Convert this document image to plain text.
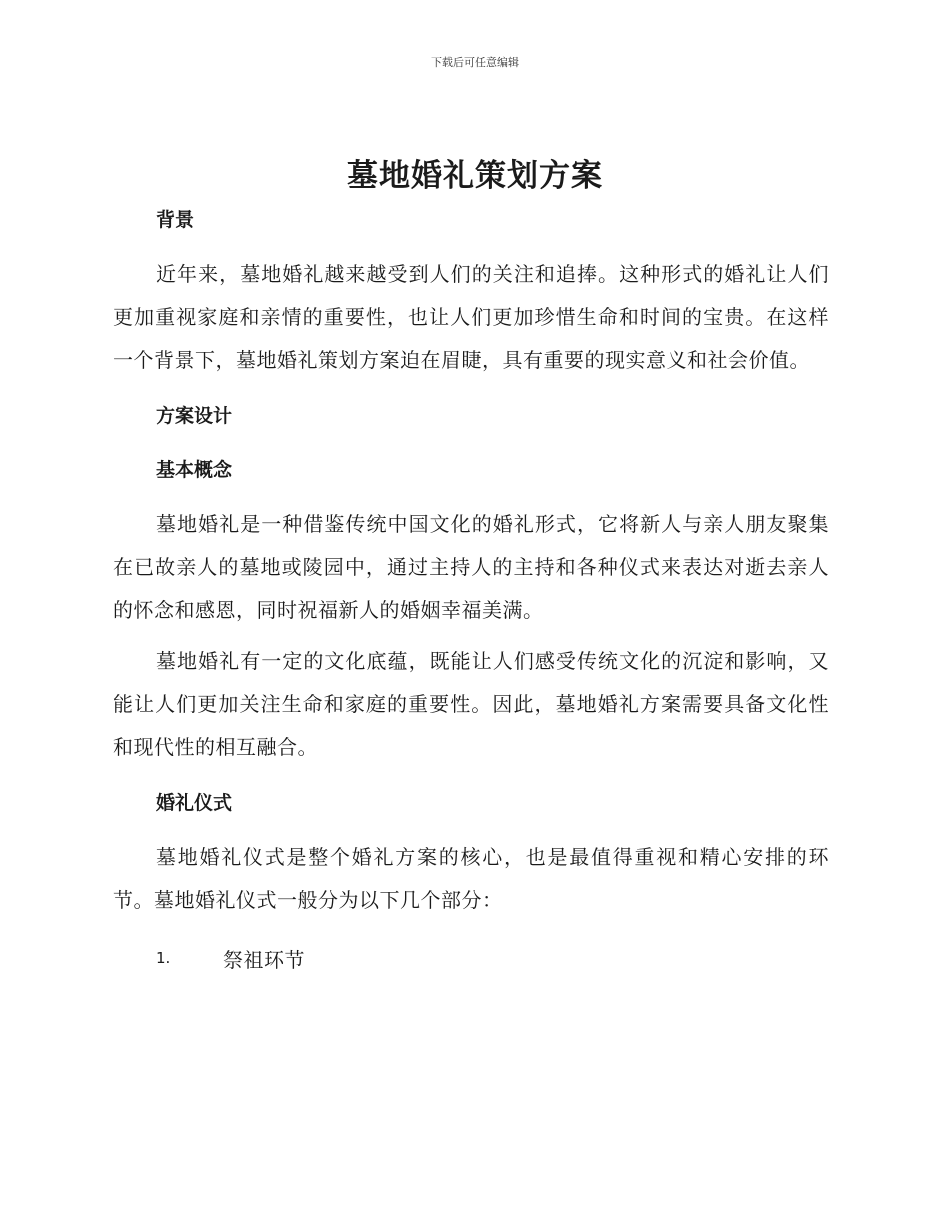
下载后可任意编辑
墓地婚礼策划方案
背景

近年来，墓地婚礼越来越受到人们的关注和追捧。这种形式的婚礼让人们更加重视家庭和亲情的重要性，也让人们更加珍惜生命和时间的宝贵。在这样一个背景下，墓地婚礼策划方案迫在眉睫，具有重要的现实意义和社会价值。

方案设计
基本概念

墓地婚礼是一种借鉴传统中国文化的婚礼形式，它将新人与亲人朋友聚集在已故亲人的墓地或陵园中，通过主持人的主持和各种仪式来表达对逝去亲人的怀念和感恩，同时祝福新人的婚姻幸福美满。

墓地婚礼有一定的文化底蕴，既能让人们感受传统文化的沉淀和影响，又能让人们更加关注生命和家庭的重要性。因此，墓地婚礼方案需要具备文化性和现代性的相互融合。

婚礼仪式

墓地婚礼仪式是整个婚礼方案的核心，也是最值得重视和精心安排的环节。墓地婚礼仪式一般分为以下几个部分：

1.	祭祖环节
